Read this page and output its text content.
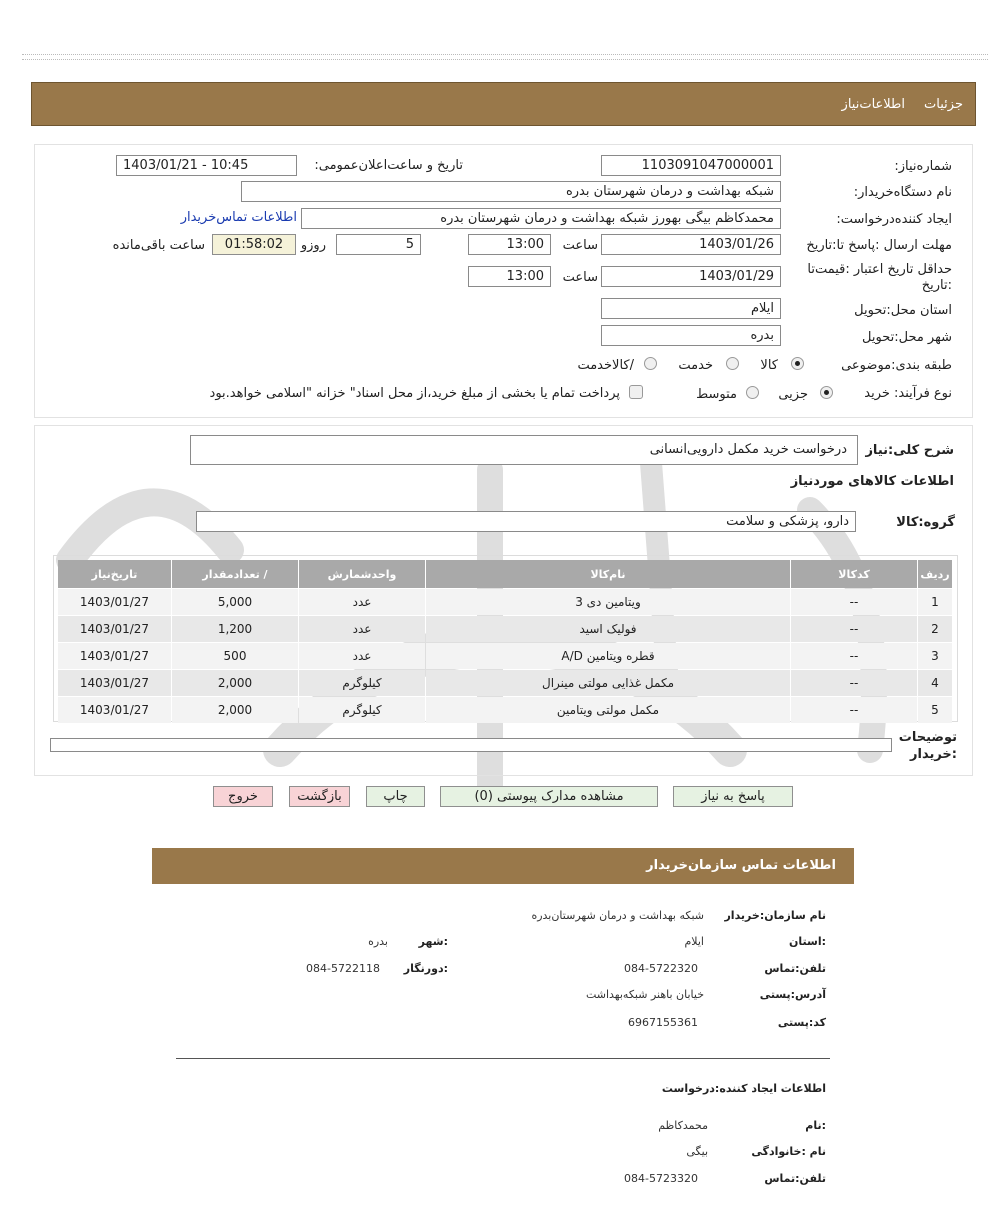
جزئیات
اطلاعات‌نیاز
شماره‌نیاز:
1103091047000001
تاریخ و ساعت‌اعلان‌عمومی:
1403/01/21 - 10:45
نام دستگاه‌خریدار:
شبکه بهداشت و درمان شهرستان بدره
ایجاد کننده‌درخواست:
محمدکاظم بیگی بهورز شبکه بهداشت و درمان شهرستان بدره
اطلاعات تماس‌خریدار
مهلت ارسال :پاسخ تا:تاریخ
1403/01/26
ساعت
13:00
5
روزو
01:58:02
ساعت باقی‌مانده
حداقل تاریخ اعتبار :قیمت‌تا
:تاریخ
1403/01/29
ساعت
13:00
استان محل:تحویل
ایلام
شهر محل:تحویل
بدره
طبقه بندی:موضوعی
کالا
خدمت
/کالاخدمت
نوع فرآیند: خرید
جزیی
متوسط
پرداخت تمام یا بخشی از مبلغ خرید،از محل اسناد" خزانه "اسلامی خواهد.بود
شرح کلی:نیاز
درخواست خرید مکمل دارویی‌انسانی
اطلاعات کالاهای موردنیاز
گروه:کالا
دارو، پزشکی و سلامت
ردیف	کدکالا	نام‌کالا	واحدشمارش	/ تعدادمقدار	تاریخ‌نیاز
1	--	ویتامین دی 3	عدد	5,000	1403/01/27
2	--	فولیک اسید	عدد	1,200	1403/01/27
3	--	قطره ویتامین A/D	عدد	500	1403/01/27
4	--	مکمل غذایی مولتی مینرال	کیلوگرم	2,000	1403/01/27
5	--	مکمل مولتی ویتامین	کیلوگرم	2,000	1403/01/27
توضیحات
:خریدار
پاسخ به نیاز
مشاهده مدارک پیوستی (0)
چاپ
بازگشت
خروج
اطلاعات تماس سازمان‌خریدار
نام سازمان:خریدار
شبکه بهداشت و درمان شهرستان‌بدره
:استان
ایلام
:شهر
بدره
تلفن:تماس
084-5722320
:دورنگار
084-5722118
آدرس:پستی
خیابان باهنر شبکه‌بهداشت
کد:پستی
6967155361
اطلاعات ایجاد کننده:درخواست
:نام
محمدکاظم
نام :خانوادگی
بیگی
تلفن:تماس
084-5723320
